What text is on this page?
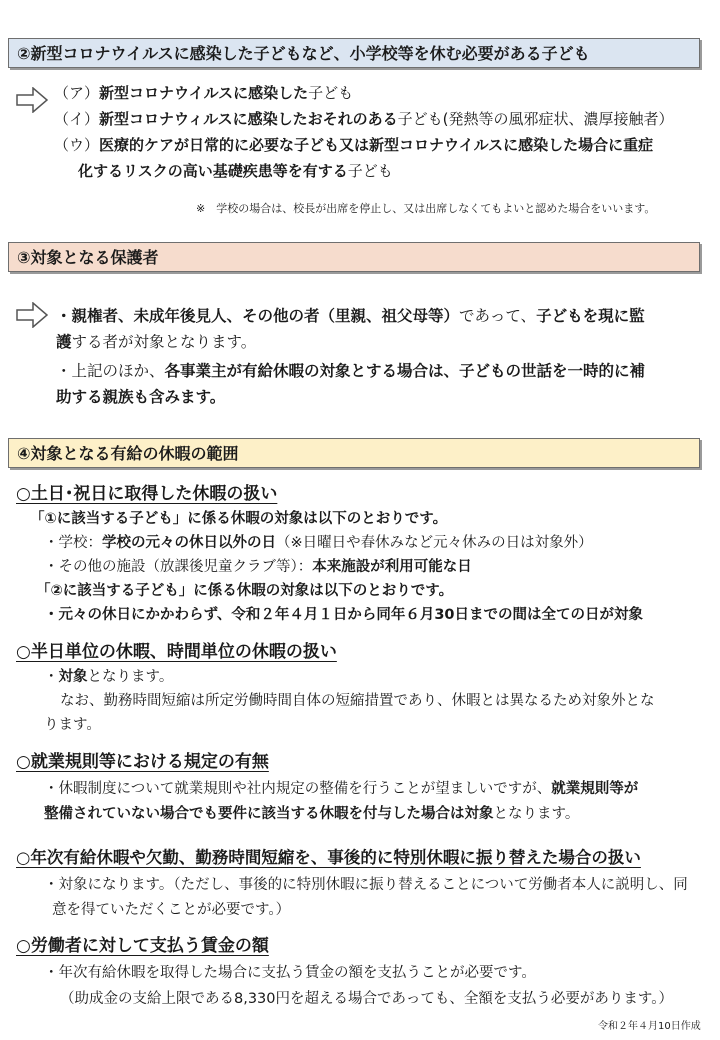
②新型コロナウイルスに感染した子どもなど、小学校等を休む必要がある子ども
（ア）新型コロナウイルスに感染した子ども
（イ）新型コロナウィルスに感染したおそれのある子ども(発熱等の風邪症状、濃厚接触者）
（ウ）医療的ケアが日常的に必要な子ども又は新型コロナウイルスに感染した場合に重症
化するリスクの高い基礎疾患等を有する子ども
※　学校の場合は、校長が出席を停止し、又は出席しなくてもよいと認めた場合をいいます。
③対象となる保護者
・親権者、未成年後見人、その他の者（里親、祖父母等）であって、子どもを現に監
護する者が対象となります。
・上記のほか、各事業主が有給休暇の対象とする場合は、子どもの世話を一時的に補
助する親族も含みます。
④対象となる有給の休暇の範囲
○土日･祝日に取得した休暇の扱い
「①に該当する子ども」に係る休暇の対象は以下のとおりです。
・学校：学校の元々の休日以外の日（※日曜日や春休みなど元々休みの日は対象外）
・その他の施設（放課後児童クラブ等）：本来施設が利用可能な日
「②に該当する子ども」に係る休暇の対象は以下のとおりです。
・元々の休日にかかわらず、令和２年４月１日から同年６月30日までの間は全ての日が対象
○半日単位の休暇、時間単位の休暇の扱い
・対象となります。
なお、勤務時間短縮は所定労働時間自体の短縮措置であり、休暇とは異なるため対象外とな
ります。
○就業規則等における規定の有無
・休暇制度について就業規則や社内規定の整備を行うことが望ましいですが、就業規則等が
整備されていない場合でも要件に該当する休暇を付与した場合は対象となります。
○年次有給休暇や欠勤、勤務時間短縮を、事後的に特別休暇に振り替えた場合の扱い
・対象になります。（ただし、事後的に特別休暇に振り替えることについて労働者本人に説明し、同
意を得ていただくことが必要です。）
○労働者に対して支払う賃金の額
・年次有給休暇を取得した場合に支払う賃金の額を支払うことが必要です。
（助成金の支給上限である8,330円を超える場合であっても、全額を支払う必要があります。）
令和２年４月10日作成
